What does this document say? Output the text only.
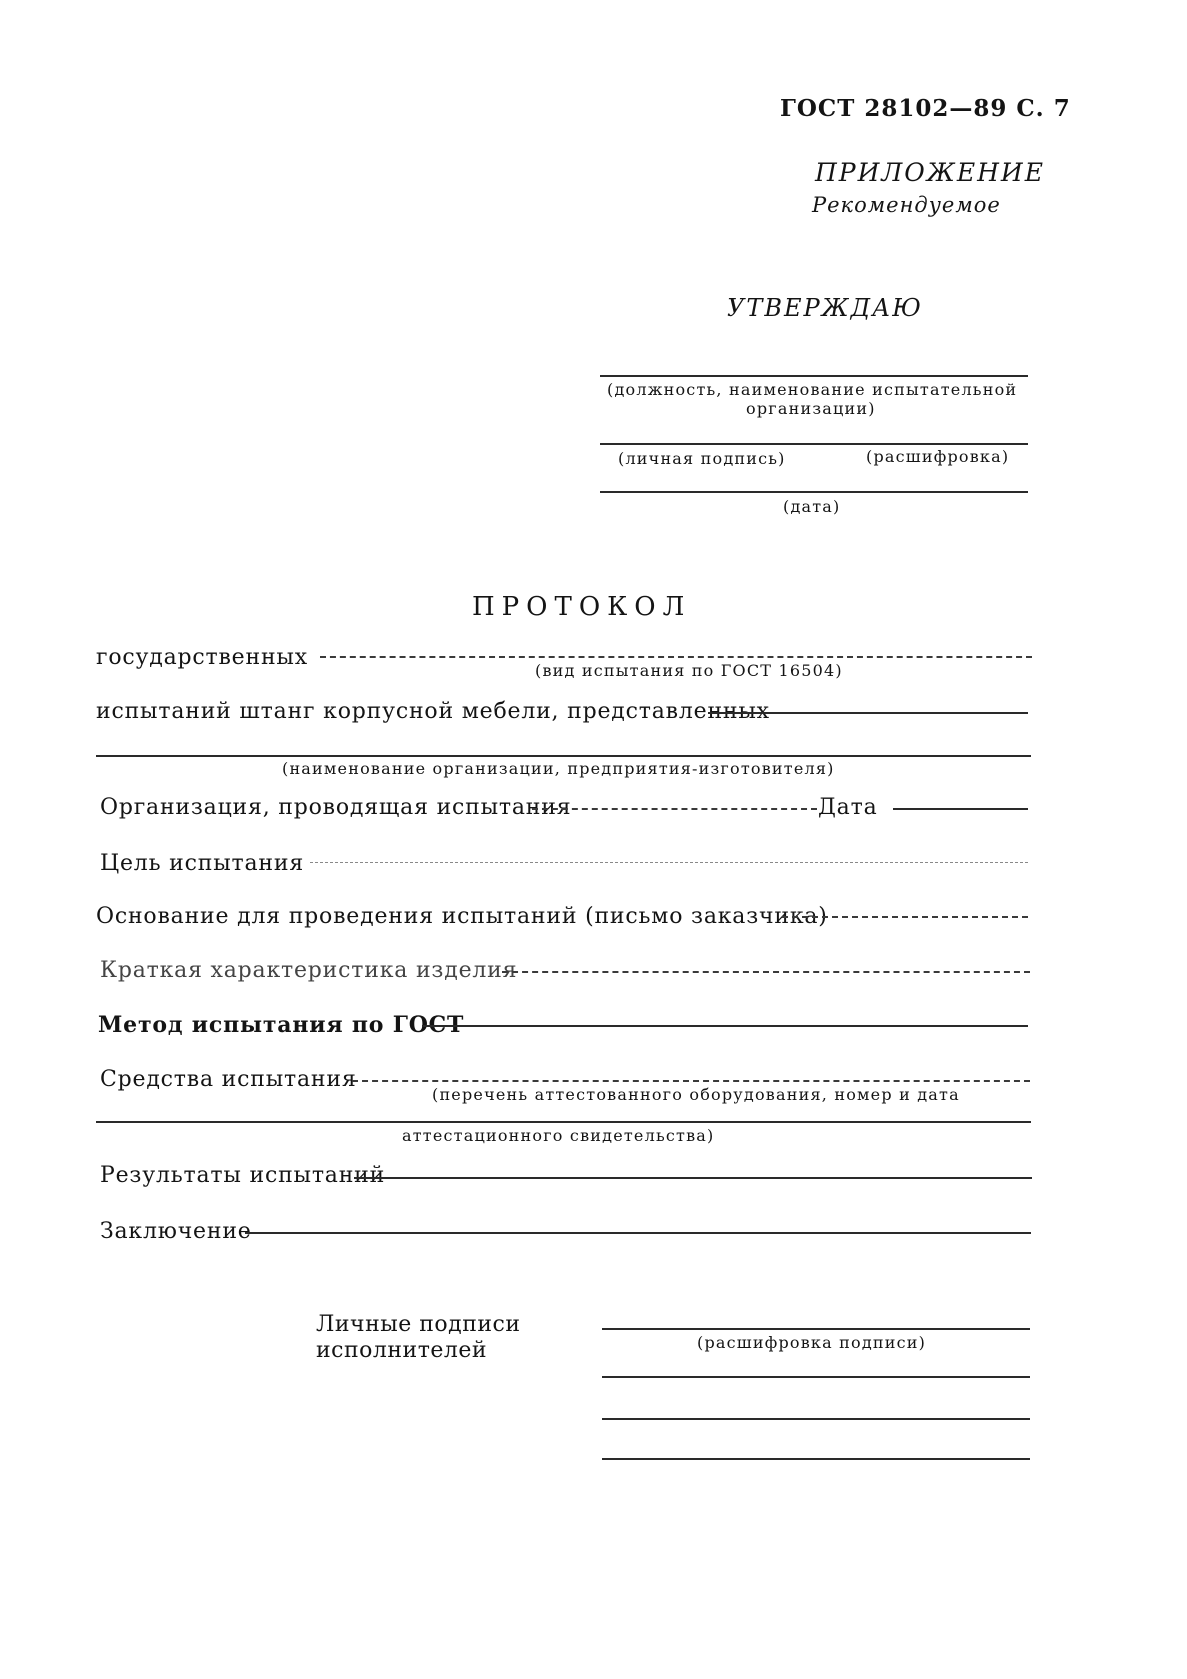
ГОСТ 28102—89 С. 7
ПРИЛОЖЕНИЕ
Рекомендуемое
УТВЕРЖДАЮ
(должность, наименование испытательной
организации)
(личная подпись)	(расшифровка)
(дата)
ПРОТОКОЛ
государственных
(вид испытания по ГОСТ 16504)
испытаний штанг корпусной мебели, представленных
(наименование организации, предприятия-изготовителя)
Организация, проводящая испытания	Дата
Цель испытания
Основание для проведения испытаний (письмо заказчика)
Краткая характеристика изделия
Метод испытания по ГОСТ
Средства испытания
(перечень аттестованного оборудования, номер и дата
аттестационного свидетельства)
Результаты испытаний
Заключение
Личные подписи
исполнителей	(расшифровка подписи)
